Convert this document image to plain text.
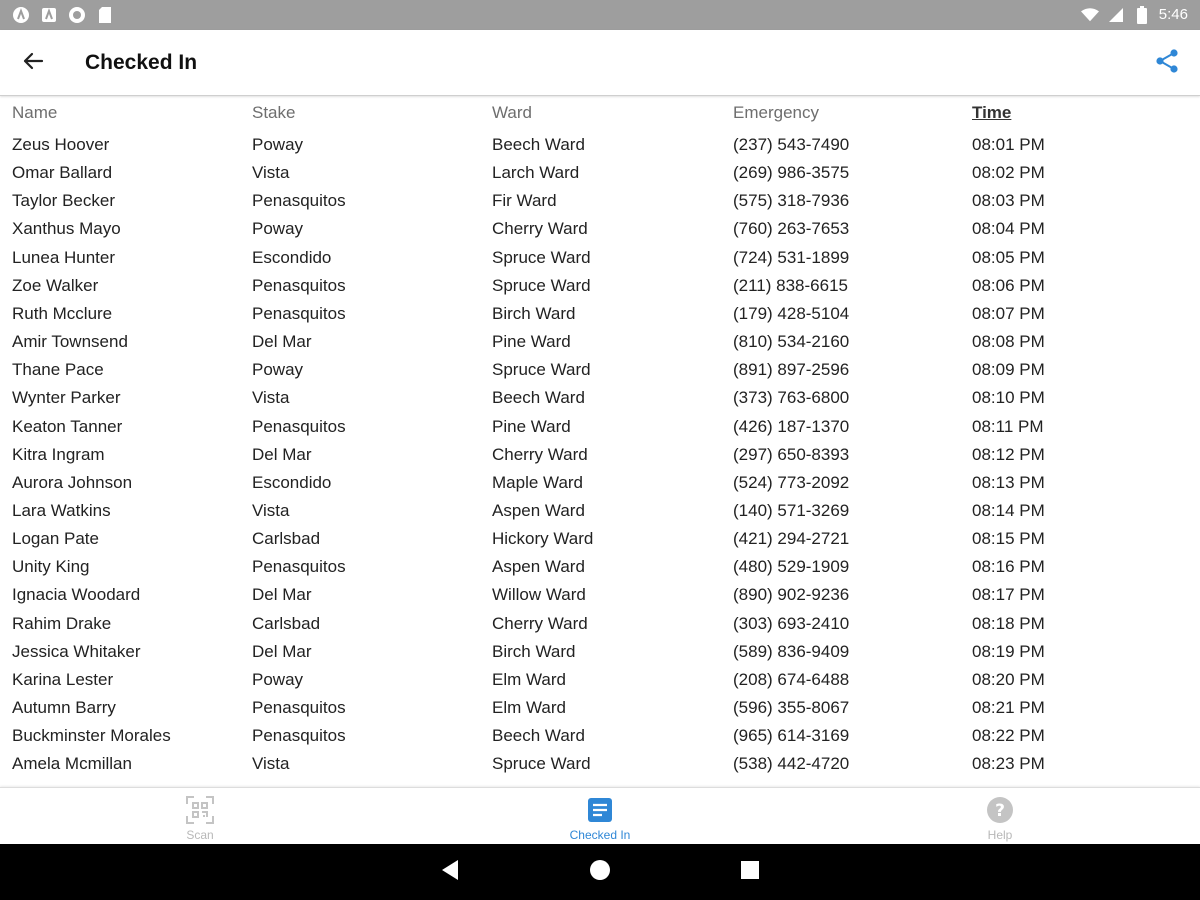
5:46
Checked In
Name	Stake	Ward	Emergency	Time
Zeus Hoover	Poway	Beech Ward	(237) 543-7490	08:01 PM
Omar Ballard	Vista	Larch Ward	(269) 986-3575	08:02 PM
Taylor Becker	Penasquitos	Fir Ward	(575) 318-7936	08:03 PM
Xanthus Mayo	Poway	Cherry Ward	(760) 263-7653	08:04 PM
Lunea Hunter	Escondido	Spruce Ward	(724) 531-1899	08:05 PM
Zoe Walker	Penasquitos	Spruce Ward	(211) 838-6615	08:06 PM
Ruth Mcclure	Penasquitos	Birch Ward	(179) 428-5104	08:07 PM
Amir Townsend	Del Mar	Pine Ward	(810) 534-2160	08:08 PM
Thane Pace	Poway	Spruce Ward	(891) 897-2596	08:09 PM
Wynter Parker	Vista	Beech Ward	(373) 763-6800	08:10 PM
Keaton Tanner	Penasquitos	Pine Ward	(426) 187-1370	08:11 PM
Kitra Ingram	Del Mar	Cherry Ward	(297) 650-8393	08:12 PM
Aurora Johnson	Escondido	Maple Ward	(524) 773-2092	08:13 PM
Lara Watkins	Vista	Aspen Ward	(140) 571-3269	08:14 PM
Logan Pate	Carlsbad	Hickory Ward	(421) 294-2721	08:15 PM
Unity King	Penasquitos	Aspen Ward	(480) 529-1909	08:16 PM
Ignacia Woodard	Del Mar	Willow Ward	(890) 902-9236	08:17 PM
Rahim Drake	Carlsbad	Cherry Ward	(303) 693-2410	08:18 PM
Jessica Whitaker	Del Mar	Birch Ward	(589) 836-9409	08:19 PM
Karina Lester	Poway	Elm Ward	(208) 674-6488	08:20 PM
Autumn Barry	Penasquitos	Elm Ward	(596) 355-8067	08:21 PM
Buckminster Morales	Penasquitos	Beech Ward	(965) 614-3169	08:22 PM
Amela Mcmillan	Vista	Spruce Ward	(538) 442-4720	08:23 PM

Scan	Checked In
?
Help
